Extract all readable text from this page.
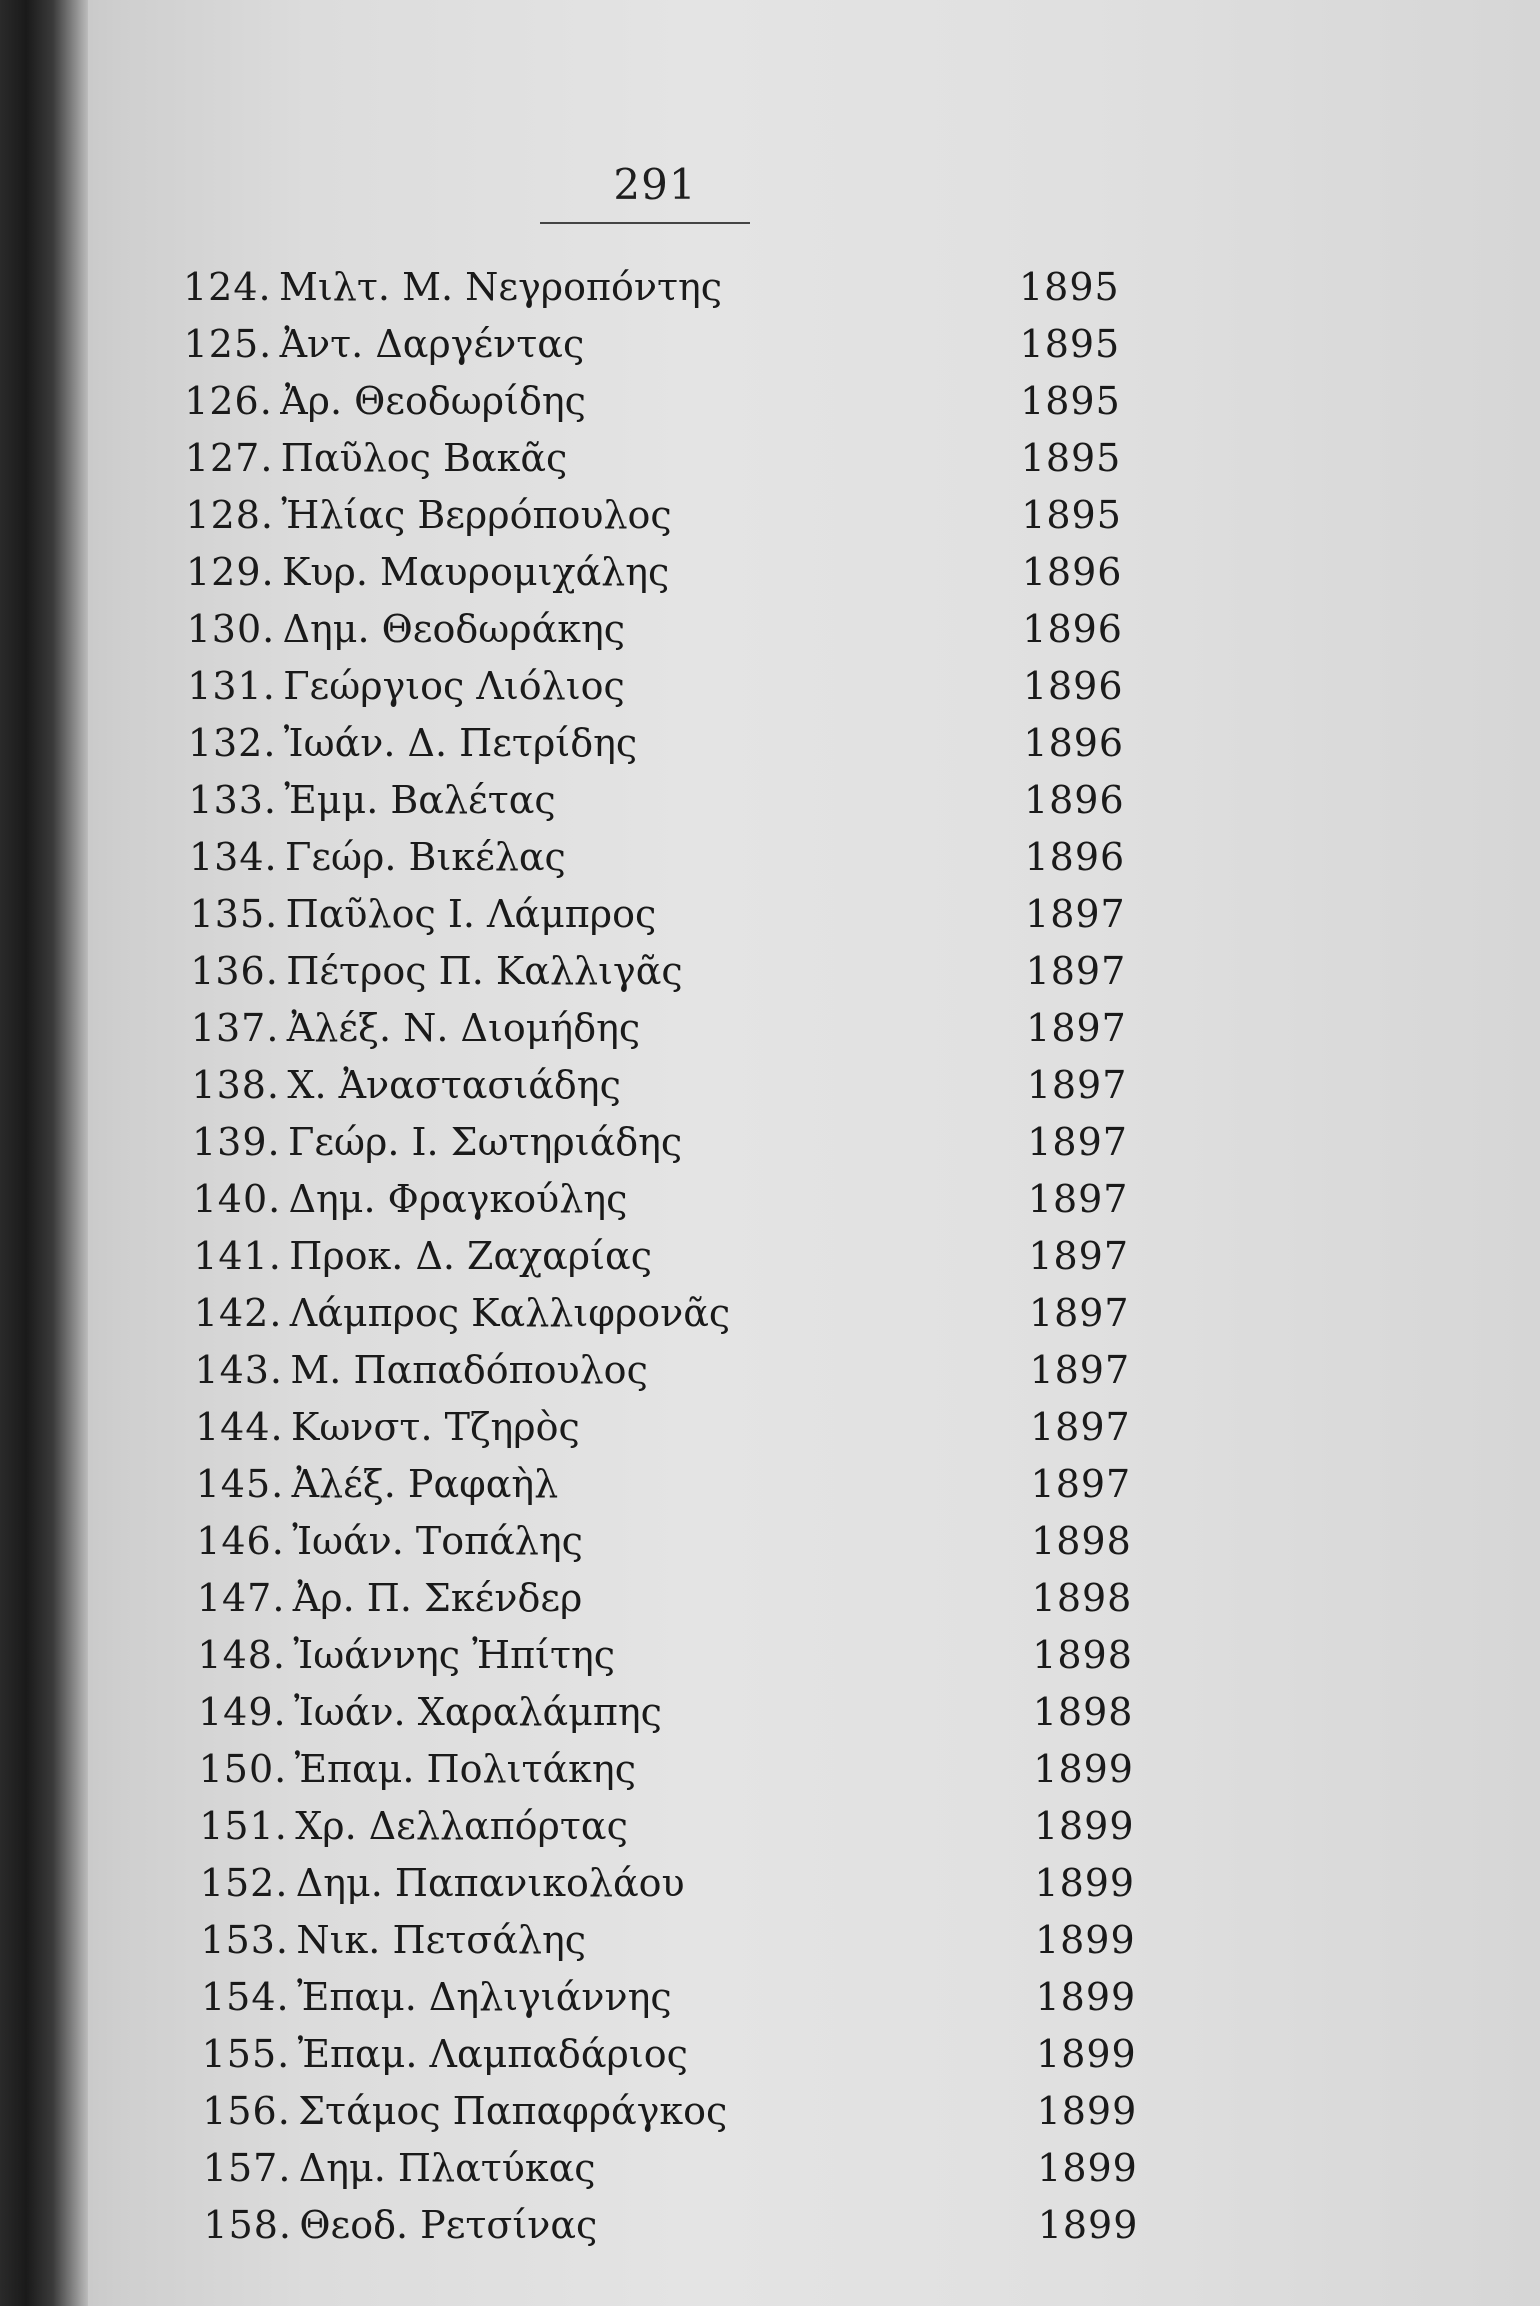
291
124. Μιλτ. Μ. Νεγροπόντης	1895
125. Ἀντ. Δαργέντας	1895
126. Ἀρ. Θεοδωρίδης	1895
127. Παῦλος Βακᾶς	1895
128. Ἠλίας Βερρόπουλος	1895
129. Κυρ. Μαυρομιχάλης	1896
130. Δημ. Θεοδωράκης	1896
131. Γεώργιος Λιόλιος	1896
132. Ἰωάν. Δ. Πετρίδης	1896
133. Ἐμμ. Βαλέτας	1896
134. Γεώρ. Βικέλας	1896
135. Παῦλος Ι. Λάμπρος	1897
136. Πέτρος Π. Καλλιγᾶς	1897
137. Ἀλέξ. Ν. Διομήδης	1897
138. Χ. Ἀναστασιάδης	1897
139. Γεώρ. Ι. Σωτηριάδης	1897
140. Δημ. Φραγκούλης	1897
141. Προκ. Δ. Ζαχαρίας	1897
142. Λάμπρος Καλλιφρονᾶς	1897
143. Μ. Παπαδόπουλος	1897
144. Κωνστ. Τζηρὸς	1897
145. Ἀλέξ. Ραφαὴλ	1897
146. Ἰωάν. Τοπάλης	1898
147. Ἀρ. Π. Σκένδερ	1898
148. Ἰωάννης Ἠπίτης	1898
149. Ἰωάν. Χαραλάμπης	1898
150. Ἐπαμ. Πολιτάκης	1899
151. Χρ. Δελλαπόρτας	1899
152. Δημ. Παπανικολάου	1899
153. Νικ. Πετσάλης	1899
154. Ἐπαμ. Δηλιγιάννης	1899
155. Ἐπαμ. Λαμπαδάριος	1899
156. Στάμος Παπαφράγκος	1899
157. Δημ. Πλατύκας	1899
158. Θεοδ. Ρετσίνας	1899
